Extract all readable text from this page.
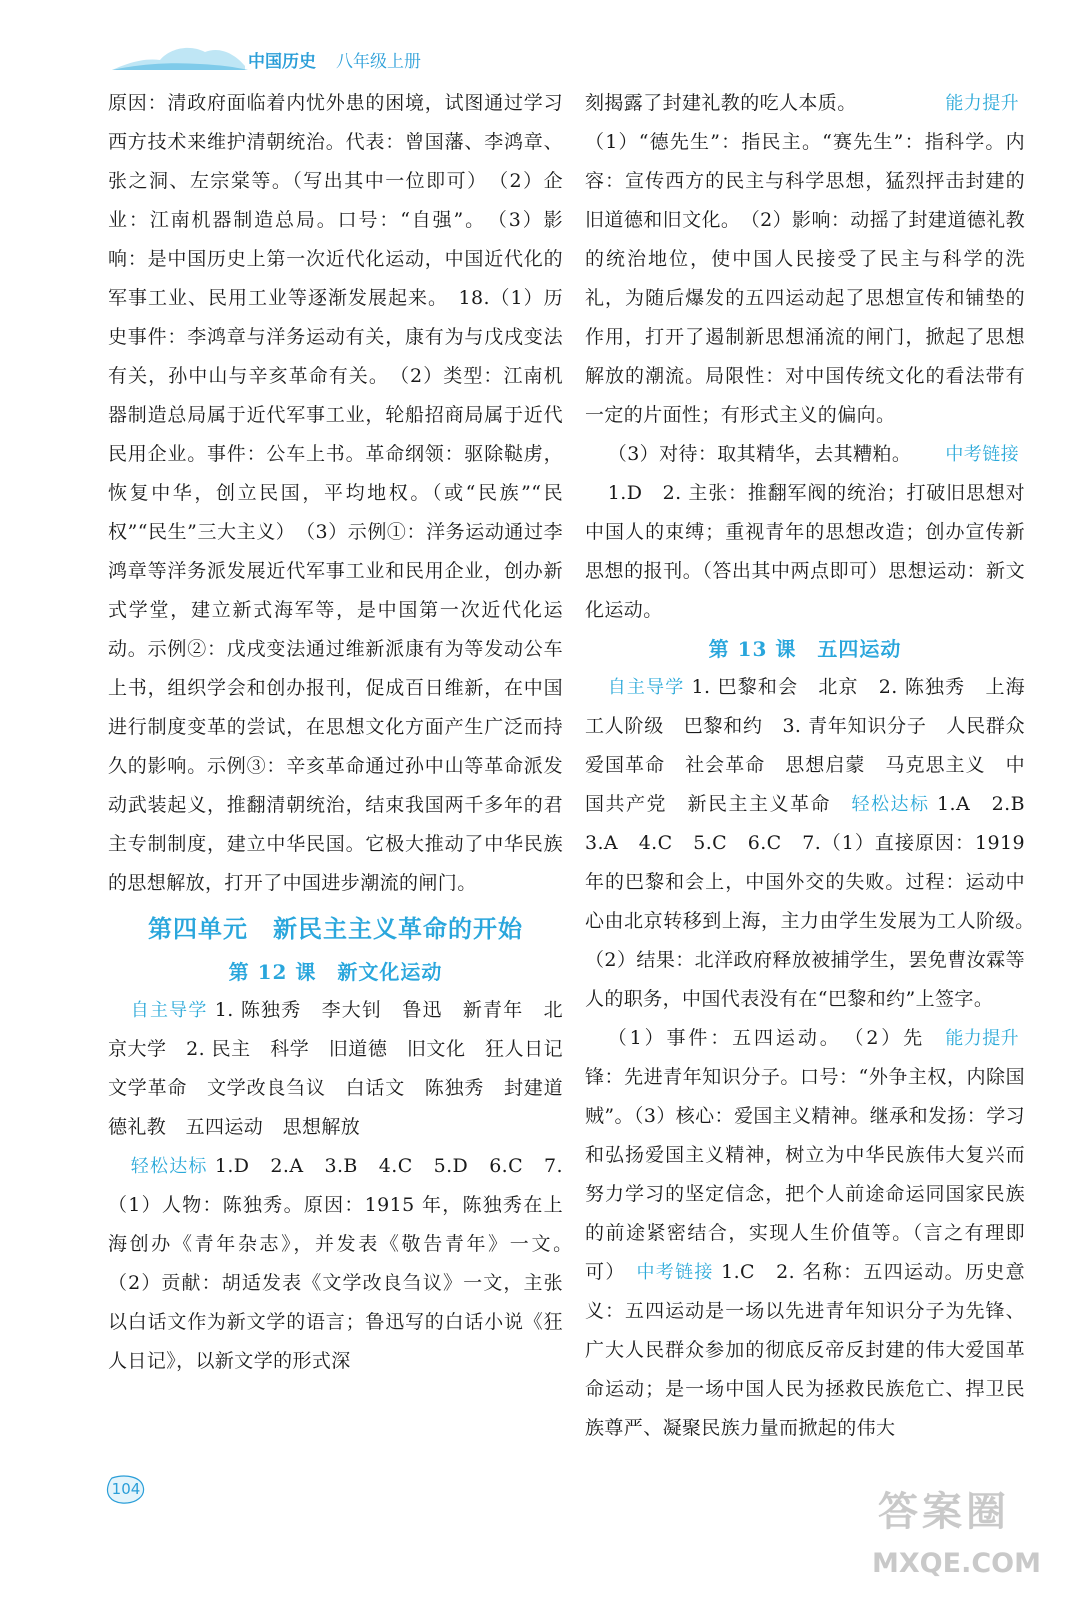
中国历史 八年级上册

原因：清政府面临着内忧外患的困境，试图通过学习西方技术来维护清朝统治。代表：曾国藩、李鸿章、张之洞、左宗棠等。（写出其中一位即可）　（2）企业：江南机器制造总局。口号：“自强”。　（3）影响：是中国历史上第一次近代化运动，中国近代化的军事工业、民用工业等逐渐发展起来。　18.（1）历史事件：李鸿章与洋务运动有关，康有为与戊戌变法有关，孙中山与辛亥革命有关。　（2）类型：江南机器制造总局属于近代军事工业，轮船招商局属于近代民用企业。事件：公车上书。革命纲领：驱除鞑虏，恢复中华，创立民国，平均地权。（或“民族”“民权”“民生”三大主义）　（3）示例①：洋务运动通过李鸿章等洋务派发展近代军事工业和民用企业，创办新式学堂，建立新式海军等，是中国第一次近代化运动。示例②：戊戌变法通过维新派康有为等发动公车上书，组织学会和创办报刊，促成百日维新，在中国进行制度变革的尝试，在思想文化方面产生广泛而持久的影响。示例③：辛亥革命通过孙中山等革命派发动武装起义，推翻清朝统治，结束我国两千多年的君主专制制度，建立中华民国。它极大推动了中华民族的思想解放，打开了中国进步潮流的闸门。

第四单元　新民主主义革命的开始
第 12 课　新文化运动

自主导学 1. 陈独秀　李大钊　鲁迅　新青年　北京大学　2. 民主　科学　旧道德　旧文化　狂人日记　文学革命　文学改良刍议　白话文　陈独秀　封建道德礼教　五四运动　思想解放

轻松达标 1.D　2.A　3.B　4.C　5.D　6.C　7.（1）人物：陈独秀。原因：1915 年，陈独秀在上海创办《青年杂志》，并发表《敬告青年》一文。　（2）贡献：胡适发表《文学改良刍议》一文，主张以白话文作为新文学的语言；鲁迅写的白话小说《狂人日记》，以新文学的形式深

刻揭露了封建礼教的吃人本质。	能力提升

（1）“德先生”：指民主。“赛先生”：指科学。内容：宣传西方的民主与科学思想，猛烈抨击封建的旧道德和旧文化。　（2）影响：动摇了封建道德礼教的统治地位，使中国人民接受了民主与科学的洗礼，为随后爆发的五四运动起了思想宣传和铺垫的作用，打开了遏制新思想涌流的闸门，掀起了思想解放的潮流。局限性：对中国传统文化的看法带有一定的片面性；有形式主义的偏向。

（3）对待：取其精华，去其糟粕。	中考链接

1.D　2. 主张：推翻军阀的统治；打破旧思想对中国人的束缚；重视青年的思想改造；创办宣传新思想的报刊。（答出其中两点即可）思想运动：新文化运动。

第 13 课　五四运动

自主导学 1. 巴黎和会　北京　2. 陈独秀　上海　工人阶级　巴黎和约　3. 青年知识分子　人民群众　爱国革命　社会革命　思想启蒙　马克思主义　中国共产党　新民主主义革命　 轻松达标 1.A　2.B　3.A　4.C　5.C　6.C　7.（1）直接原因：1919 年的巴黎和会上，中国外交的失败。过程：运动中心由北京转移到上海，主力由学生发展为工人阶级。　（2）结果：北洋政府释放被捕学生，罢免曹汝霖等人的职务，中国代表没有在“巴黎和约”上签字。
能力提升

（1）事件：五四运动。　（2）先锋：先进青年知识分子。口号：“外争主权，内除国贼”。（3）核心：爱国主义精神。继承和发扬：学习和弘扬爱国主义精神，树立为中华民族伟大复兴而努力学习的坚定信念，把个人前途命运同国家民族的前途紧密结合，实现人生价值等。（言之有理即可）　 中考链接 1.C　2. 名称：五四运动。历史意义：五四运动是一场以先进青年知识分子为先锋、广大人民群众参加的彻底反帝反封建的伟大爱国革命运动；是一场中国人民为拯救民族危亡、捍卫民族尊严、凝聚民族力量而掀起的伟大

104	答案圈
MXQE.COM
